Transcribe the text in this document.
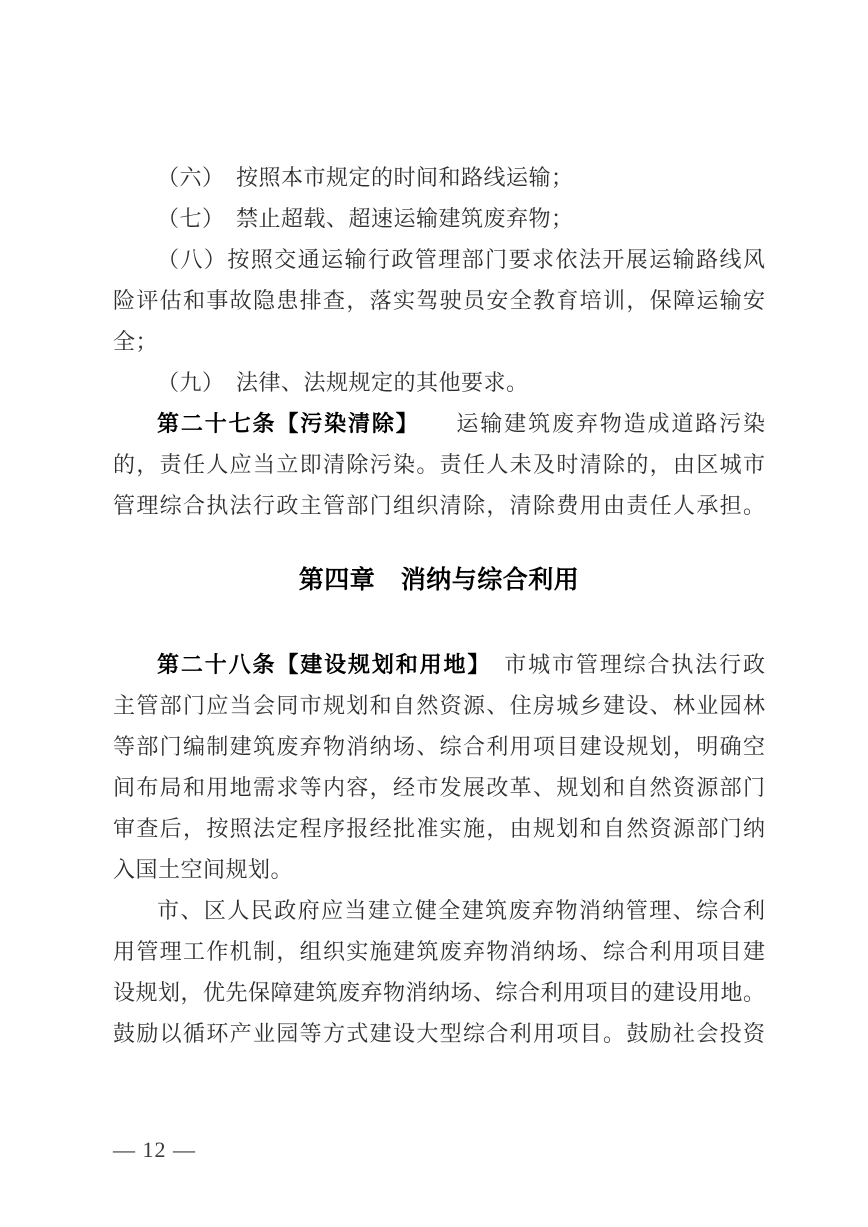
（六）　按照本市规定的时间和路线运输；
（七）　禁止超载、超速运输建筑废弃物；
（八）按照交通运输行政管理部门要求依法开展运输路线风
险评估和事故隐患排查，落实驾驶员安全教育培训，保障运输安
全；
（九）　法律、法规规定的其他要求。
第二十七条【污染清除】　　运输建筑废弃物造成道路污染
的，责任人应当立即清除污染。责任人未及时清除的，由区城市
管理综合执法行政主管部门组织清除，清除费用由责任人承担。
第四章　消纳与综合利用
第二十八条【建设规划和用地】　市城市管理综合执法行政
主管部门应当会同市规划和自然资源、住房城乡建设、林业园林
等部门编制建筑废弃物消纳场、综合利用项目建设规划，明确空
间布局和用地需求等内容，经市发展改革、规划和自然资源部门
审查后，按照法定程序报经批准实施，由规划和自然资源部门纳
入国土空间规划。
市、区人民政府应当建立健全建筑废弃物消纳管理、综合利
用管理工作机制，组织实施建筑废弃物消纳场、综合利用项目建
设规划，优先保障建筑废弃物消纳场、综合利用项目的建设用地。
鼓励以循环产业园等方式建设大型综合利用项目。鼓励社会投资
— 12 —
